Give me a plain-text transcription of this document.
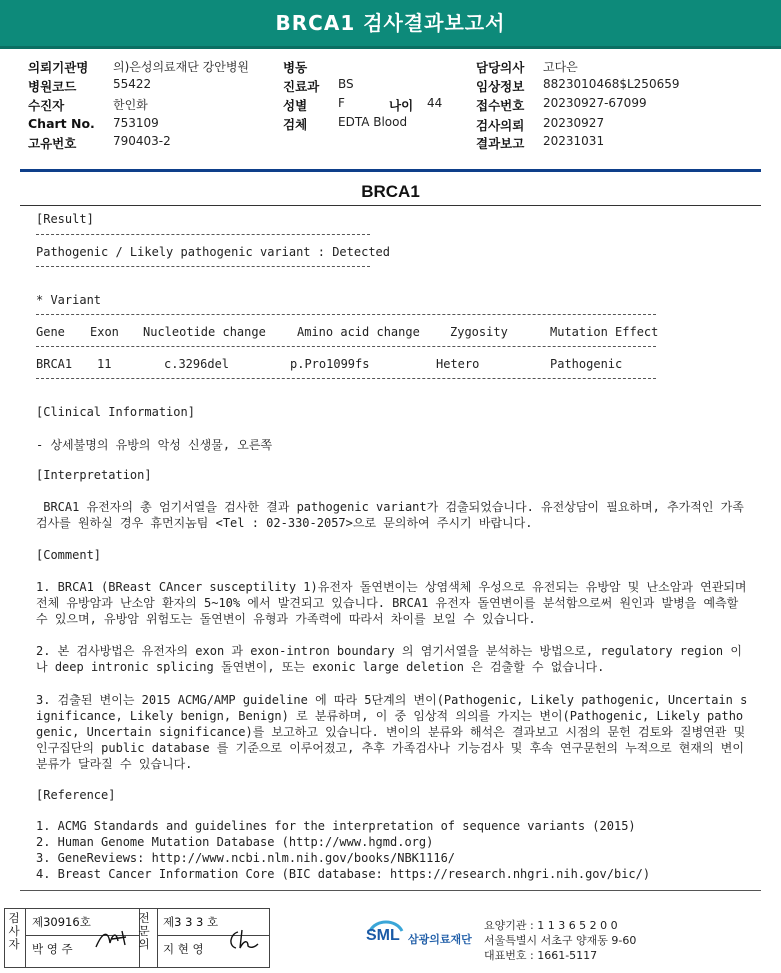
BRCA1 검사결과보고서
의뢰기관명 의)은성의료재단 강안병원
병원코드	55422
수진자	한인화
Chart No. 753109
고유번호	790403-2
병동
진료과 BS
성별	F	나이 44
검체	EDTA Blood
담당의사 고다은
임상정보 8823010468$L250659
접수번호 20230927-67099
검사의뢰 20230927
결과보고 20231031
BRCA1
[Result]
Pathogenic / Likely pathogenic variant : Detected
* Variant
Gene Exon Nucleotide change	Amino acid change	Zygosity	Mutation Effect
BRCA1 11	c.3296del	p.Pro1099fs	Hetero	Pathogenic
[Clinical Information]
- 상세불명의 유방의 악성 신생물, 오른쪽
[Interpretation]
BRCA1 유전자의 총 엄기서열을 검사한 결과 pathogenic variant가 검출되었습니다. 유전상담이 필요하며, 추가적인 가족 검사를 원하실 경우 휴먼지놈팀 <Tel : 02-330-2057>으로 문의하여 주시기 바랍니다.
[Comment]
1. BRCA1 (BReast CAncer susceptility 1)유전자 돌연변이는 상염색체 우성으로 유전되는 유방암 및 난소암과 연관되며 전체 유방암과 난소암 환자의 5~10% 에서 발견되고 있습니다. BRCA1 유전자 돌연변이를 분석함으로써 원인과 발병을 예측할 수 있으며, 유방암 위험도는 돌연변이 유형과 가족력에 따라서 차이를 보일 수 있습니다.
2. 본 검사방법은 유전자의 exon 과 exon-intron boundary 의 염기서열을 분석하는 방법으로, regulatory region 이나 deep intronic splicing 돌연변이, 또는 exonic large deletion 은 검출할 수 없습니다.
3. 검출된 변이는 2015 ACMG/AMP guideline 에 따라 5단계의 변이(Pathogenic, Likely pathogenic, Uncertain significance, Likely benign, Benign) 로 분류하며, 이 중 임상적 의의를 가지는 변이(Pathogenic, Likely pathogenic, Uncertain significance)를 보고하고 있습니다. 변이의 분류와 해석은 결과보고 시점의 문헌 검토와 질병연관 및 인구집단의 public database 를 기준으로 이루어졌고, 추후 가족검사나 기능검사 및 후속 연구문헌의 누적으로 현재의 변이분류가 달라질 수 있습니다.
[Reference]
1. ACMG Standards and guidelines for the interpretation of sequence variants (2015)
2. Human Genome Mutation Database (http://www.hgmd.org)
3. GeneReviews: http://www.ncbi.nlm.nih.gov/books/NBK1116/
4. Breast Cancer Information Core (BIC database: https://research.nhgri.nih.gov/bic/)
검사자
제30916호
박 영 주
전문의
제3 3 3 호
지 현 영
SML 삼광의료재단
요양기관 : 1 1 3 6 5 2 0 0
서울특별시 서초구 양재동 9-60
대표번호 : 1661-5117
